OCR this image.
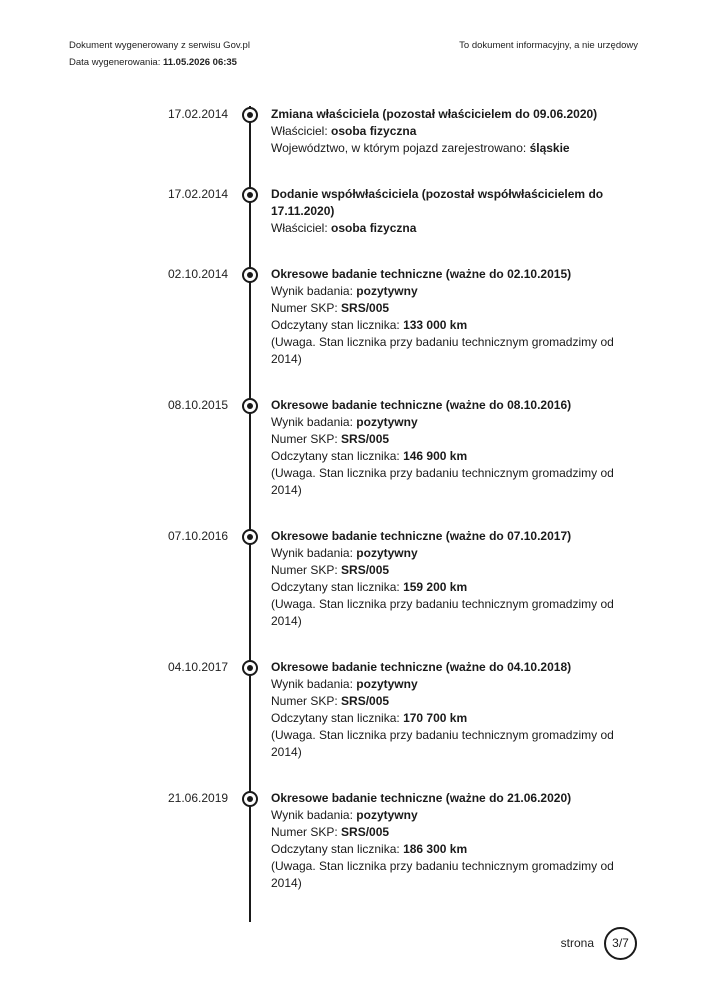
Dokument wygenerowany z serwisu Gov.pl
Data wygenerowania: 11.05.2026 06:35
To dokument informacyjny, a nie urzędowy
17.02.2014	Zmiana właściciela (pozostał właścicielem do 09.06.2020)
Właściciel: osoba fizyczna
Województwo, w którym pojazd zarejestrowano: śląskie
17.02.2014	Dodanie współwłaściciela (pozostał współwłaścicielem do 17.11.2020)
Właściciel: osoba fizyczna
02.10.2014	Okresowe badanie techniczne (ważne do 02.10.2015)
Wynik badania: pozytywny
Numer SKP: SRS/005
Odczytany stan licznika: 133 000 km
(Uwaga. Stan licznika przy badaniu technicznym gromadzimy od 2014)
08.10.2015	Okresowe badanie techniczne (ważne do 08.10.2016)
Wynik badania: pozytywny
Numer SKP: SRS/005
Odczytany stan licznika: 146 900 km
(Uwaga. Stan licznika przy badaniu technicznym gromadzimy od 2014)
07.10.2016	Okresowe badanie techniczne (ważne do 07.10.2017)
Wynik badania: pozytywny
Numer SKP: SRS/005
Odczytany stan licznika: 159 200 km
(Uwaga. Stan licznika przy badaniu technicznym gromadzimy od 2014)
04.10.2017	Okresowe badanie techniczne (ważne do 04.10.2018)
Wynik badania: pozytywny
Numer SKP: SRS/005
Odczytany stan licznika: 170 700 km
(Uwaga. Stan licznika przy badaniu technicznym gromadzimy od 2014)
21.06.2019	Okresowe badanie techniczne (ważne do 21.06.2020)
Wynik badania: pozytywny
Numer SKP: SRS/005
Odczytany stan licznika: 186 300 km
(Uwaga. Stan licznika przy badaniu technicznym gromadzimy od 2014)
strona 3/7
